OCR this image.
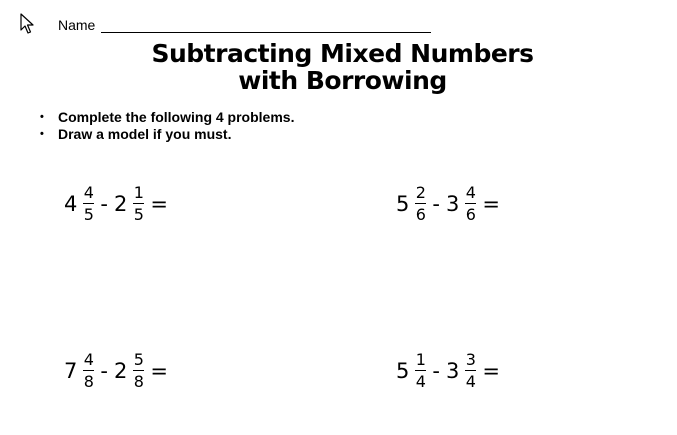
Name
Subtracting Mixed Numbers
with Borrowing
• Complete the following 4 problems.
• Draw a model if you must.
$4 \frac{4}{5} - 2 \frac{1}{5}$ =	$5 \frac{2}{6} - 3 \frac{4}{6}$ =
$7 \frac{4}{8} - 2 \frac{5}{8}$ =	$5 \frac{1}{4} - 3 \frac{3}{4}$ =
